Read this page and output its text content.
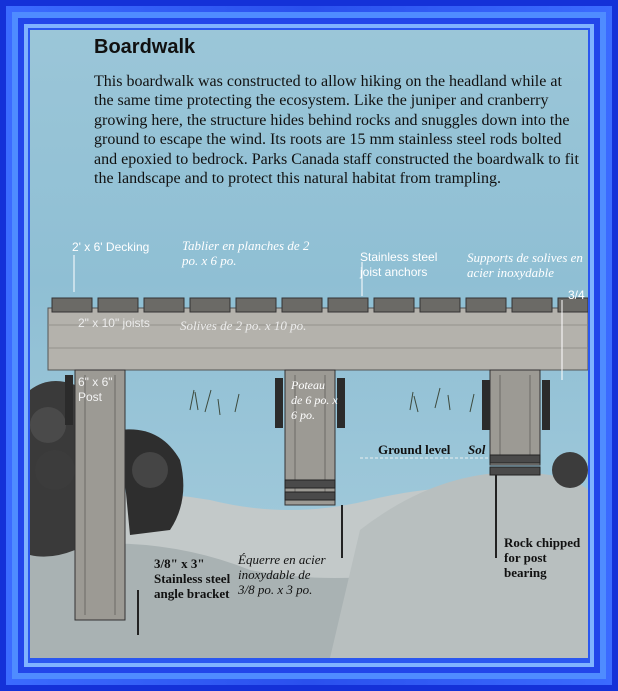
Boardwalk
This boardwalk was constructed to allow hiking on the headland while at the same time protecting the ecosystem. Like the juniper and cranberry growing here, the structure hides behind rocks and snuggles down into the ground to escape the wind. Its roots are 15 mm stainless steel rods bolted and epoxied to bedrock. Parks Canada staff constructed the boardwalk to fit the landscape and to protect this natural habitat from trampling.
2' x 6' Decking	Tablier en planches de 2 po. x 6 po.	Stainless steel joist anchors
Supports de solives en acier inoxydable
3/4
2" x 10" joists Solives de 2 po. x 10 po.
6" x 6" Post
Poteau de 6 po. x 6 po.
Ground level Sol
Rock chipped for post bearing
3/8" x 3" Stainless steel angle bracket
Équerre en acier inoxydable de 3/8 po. x 3 po.
